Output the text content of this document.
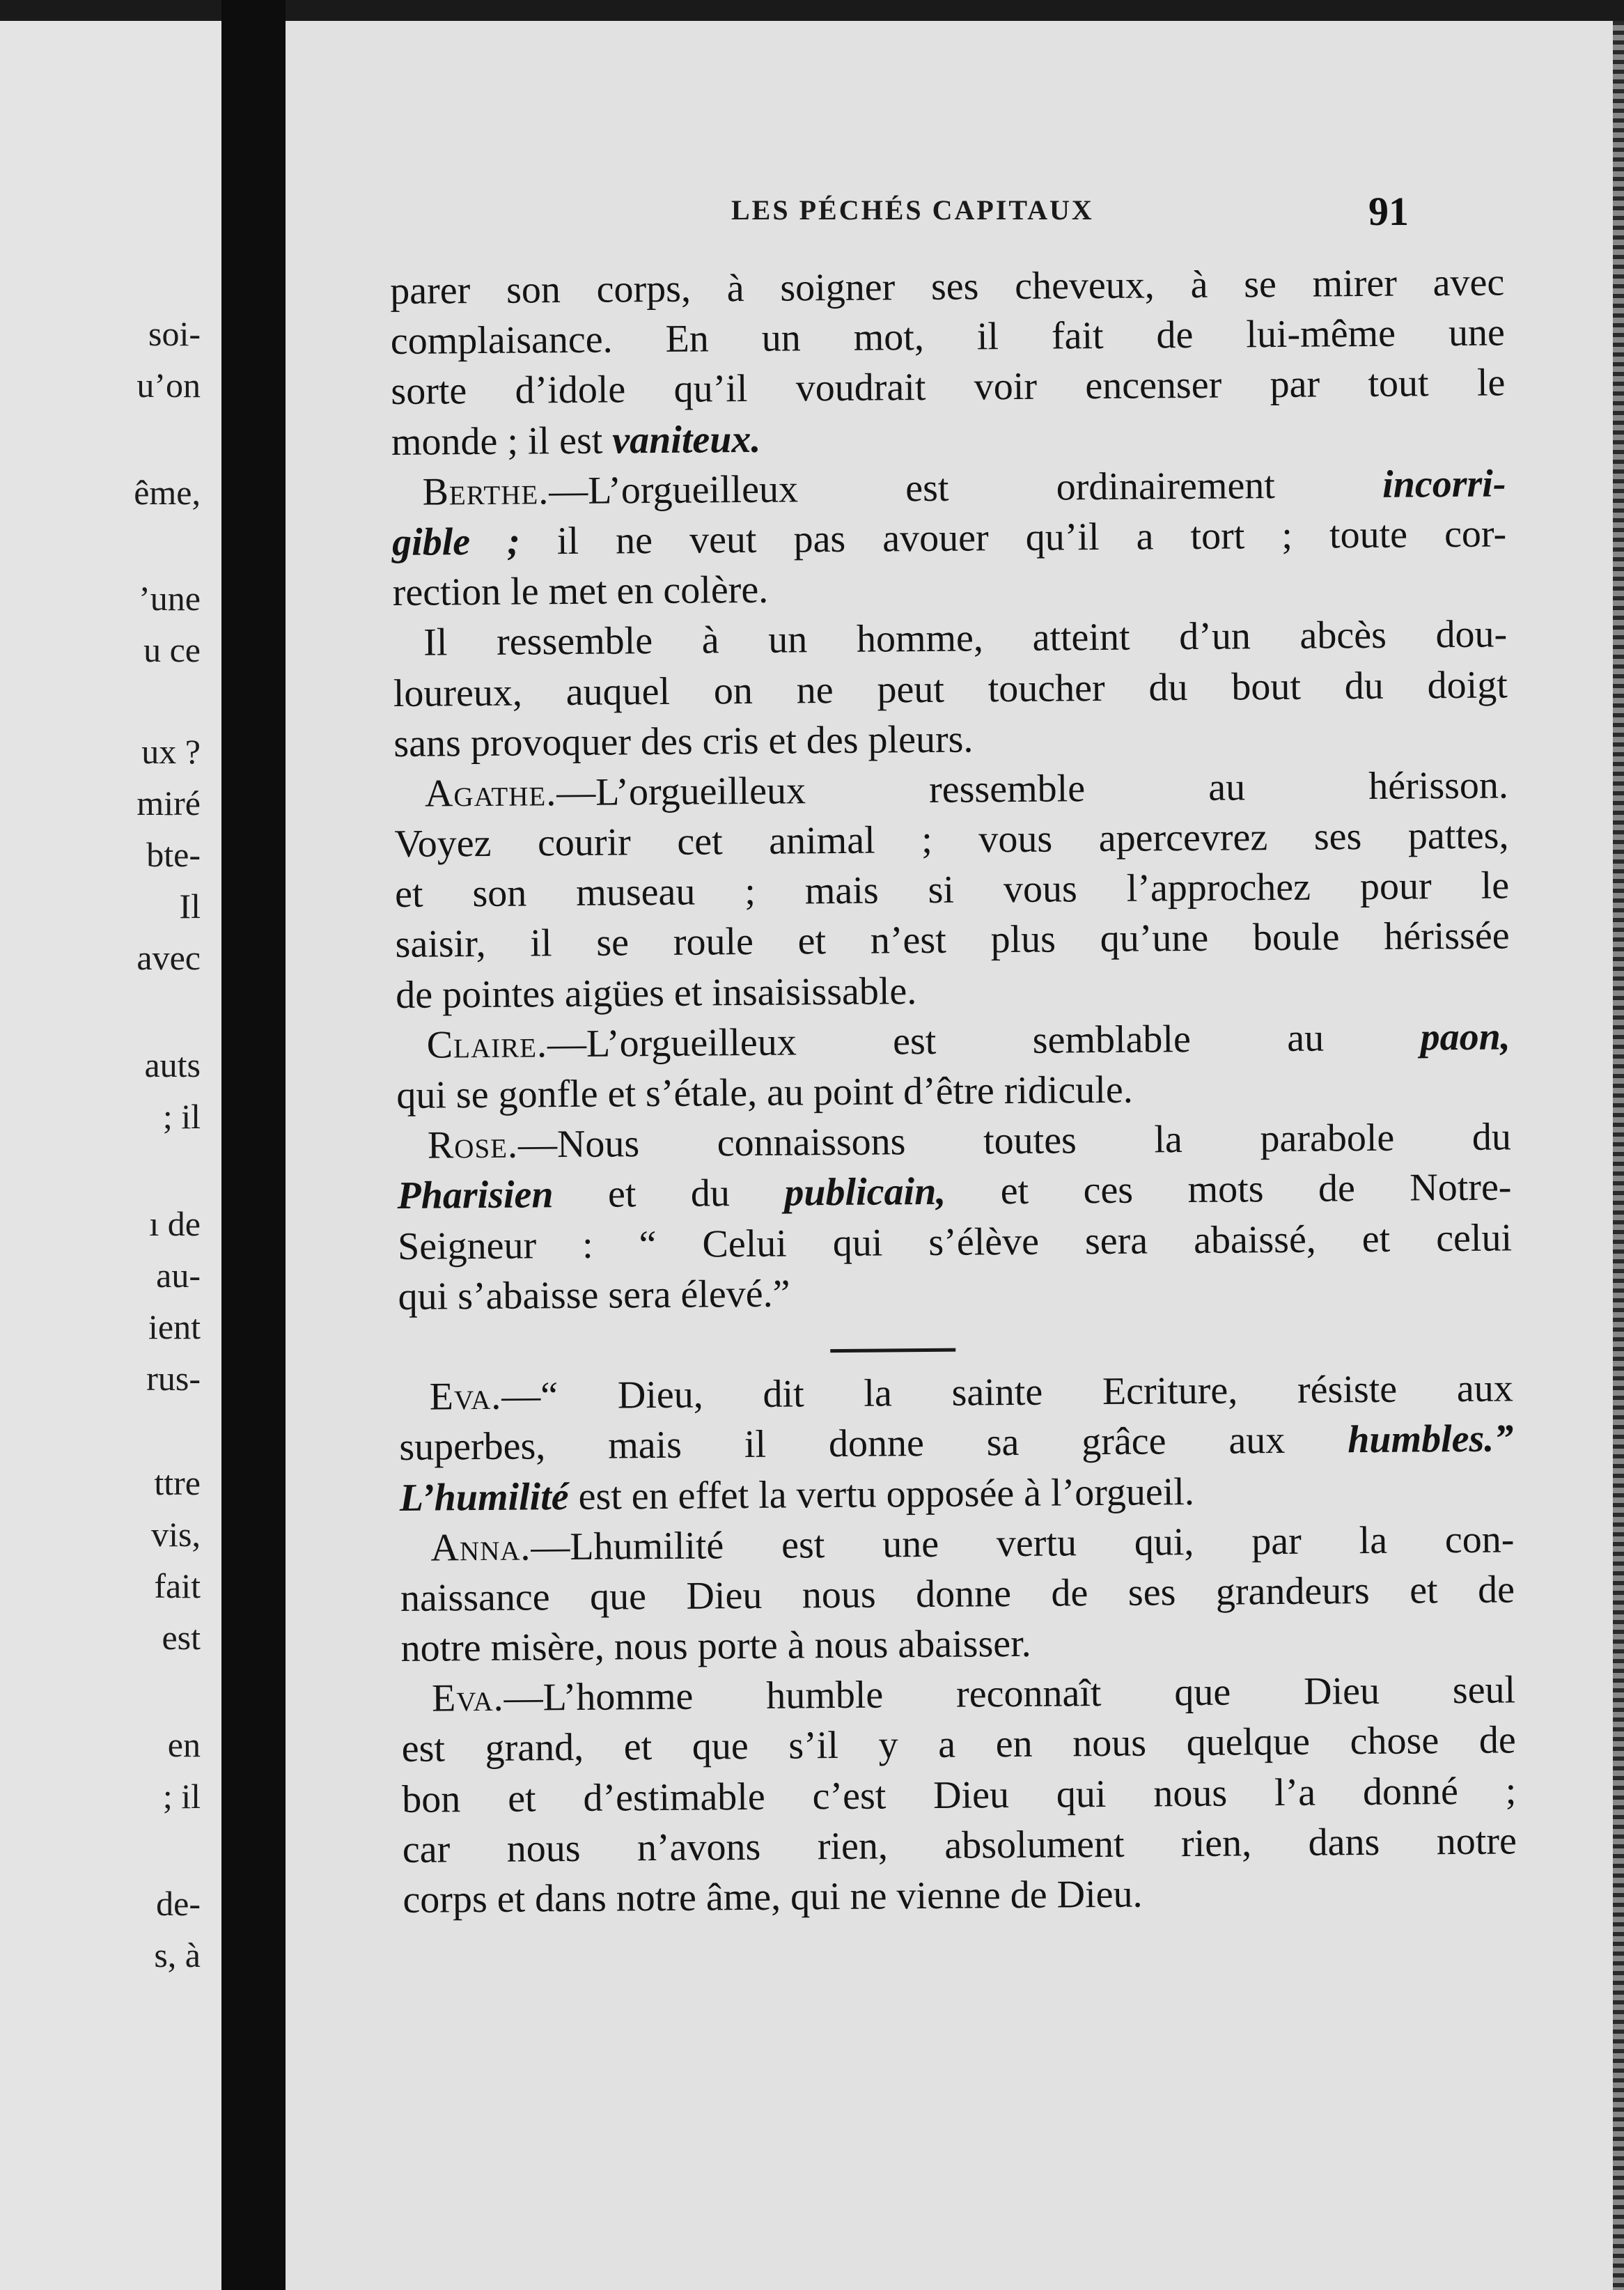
soi-
u’on
ême,
’une
u ce
ux ?
miré
bte-
Il
avec
auts
; il
ı de
au-
ient
rus-
ttre
vis,
fait
est
en
; il
de-
s, à
LES PÉCHÉS CAPITAUX	91
parer son corps, à soigner ses cheveux, à se mirer avec
complaisance. En un mot, il fait de lui-même une
sorte d’idole qu’il voudrait voir encenser par tout le
monde ; il est vaniteux.
Berthe.—L’orgueilleux est ordinairement incorri-
gible ; il ne veut pas avouer qu’il a tort ; toute cor-
rection le met en colère.
Il ressemble à un homme, atteint d’un abcès dou-
loureux, auquel on ne peut toucher du bout du doigt
sans provoquer des cris et des pleurs.
Agathe.—L’orgueilleux ressemble au hérisson.
Voyez courir cet animal ; vous apercevrez ses pattes,
et son museau ; mais si vous l’approchez pour le
saisir, il se roule et n’est plus qu’une boule hérissée
de pointes aigües et insaisissable.
Claire.—L’orgueilleux est semblable au paon,
qui se gonfle et s’étale, au point d’être ridicule.
Rose.—Nous connaissons toutes la parabole du
Pharisien et du publicain, et ces mots de Notre-
Seigneur : “ Celui qui s’élève sera abaissé, et celui
qui s’abaisse sera élevé.”
Eva.—“ Dieu, dit la sainte Ecriture, résiste aux
superbes, mais il donne sa grâce aux humbles.”
L’humilité est en effet la vertu opposée à l’orgueil.
Anna.—Lhumilité est une vertu qui, par la con-
naissance que Dieu nous donne de ses grandeurs et de
notre misère, nous porte à nous abaisser.
Eva.—L’homme humble reconnaît que Dieu seul
est grand, et que s’il y a en nous quelque chose de
bon et d’estimable c’est Dieu qui nous l’a donné ;
car nous n’avons rien, absolument rien, dans notre
corps et dans notre âme, qui ne vienne de Dieu.
